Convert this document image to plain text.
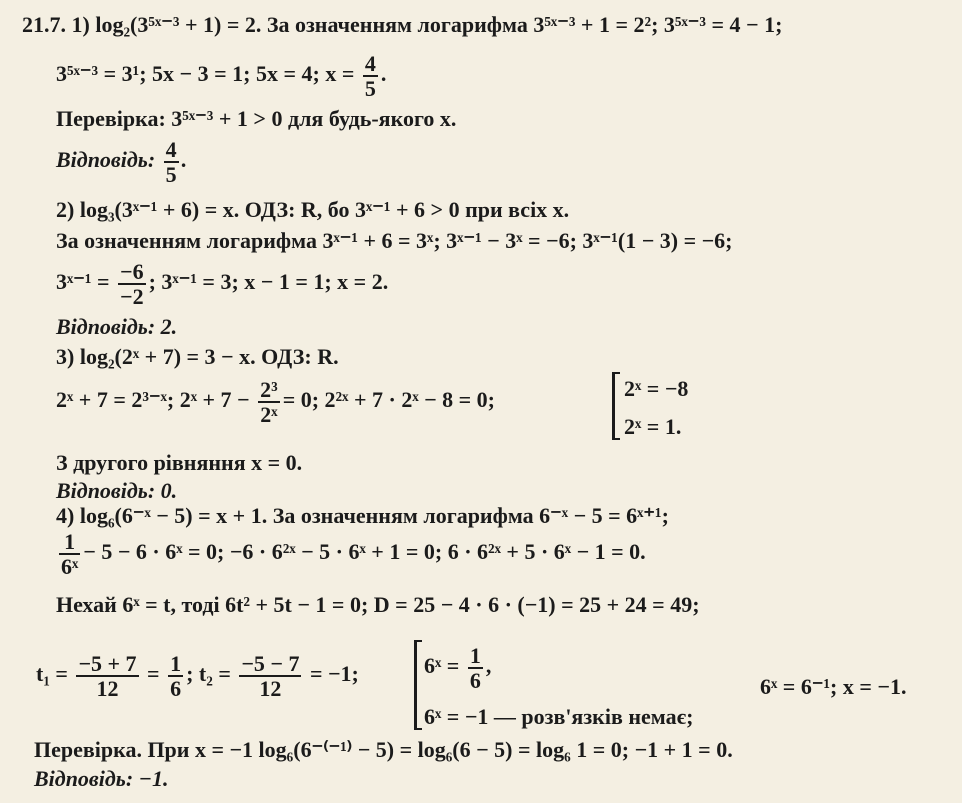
21.7. 1) log₂(3⁵ˣ⁻³ + 1) = 2. За означенням логарифма 3⁵ˣ⁻³ + 1 = 2²; 3⁵ˣ⁻³ = 4 − 1;
3⁵ˣ⁻³ = 3¹; 5x − 3 = 1; 5x = 4; $x = \frac{4}{5}$ .
Перевірка: 3⁵ˣ⁻³ + 1 > 0 для будь-якого x.
Відповідь: $\frac{4}{5}$ .
2) log₃(3ˣ⁻¹ + 6) = x. ОДЗ: R, бо 3ˣ⁻¹ + 6 > 0 при всіх x.
За означенням логарифма 3ˣ⁻¹ + 6 = 3ˣ; 3ˣ⁻¹ − 3ˣ = −6; 3ˣ⁻¹(1 − 3) = −6;
3ˣ⁻¹ = $\frac{-6}{-2}$ ; 3ˣ⁻¹ = 3; x − 1 = 1; x = 2.
Відповідь: 2.
3) log₂(2ˣ + 7) = 3 − x. ОДЗ: R.
2ˣ + 7 = 2³⁻ˣ; 2ˣ + $7 - \frac{\text{2³}}{\text{2ˣ}} = 0$; 2²ˣ + 7 · 2ˣ − 8 = 0;	2ˣ = −8
2ˣ = 1.
З другого рівняння x = 0.
Відповідь: 0.
4) log₆(6⁻ˣ − 5) = x + 1. За означенням логарифма 6⁻ˣ − 5 = 6ˣ⁺¹;
$\frac{1}{\text{6ˣ}} - 5 - 6$ · 6ˣ = 0; −6 · 6²ˣ − 5 · 6ˣ + 1 = 0; 6 · 6²ˣ + 5 · 6ˣ − 1 = 0.
Нехай 6ˣ = t, тоді 6t² + 5t − 1 = 0; D = 25 − 4 · 6 · (−1) = 25 + 24 = 49;
$t_1 = \frac{-5 + 7}{12} = \frac{1}{6}$ ; $t_2 = \frac{-5 - 7}{12} = -1$;	6ˣ = $\frac{1}{6}$ ,
6ˣ = −1 — розв'язків немає;
6ˣ = 6⁻¹; x = −1.
Перевірка. При x = −1 log₆(6⁻⁽⁻¹⁾ − 5) = log₆(6 − 5) = log₆ 1 = 0; −1 + 1 = 0.
Відповідь: −1.
